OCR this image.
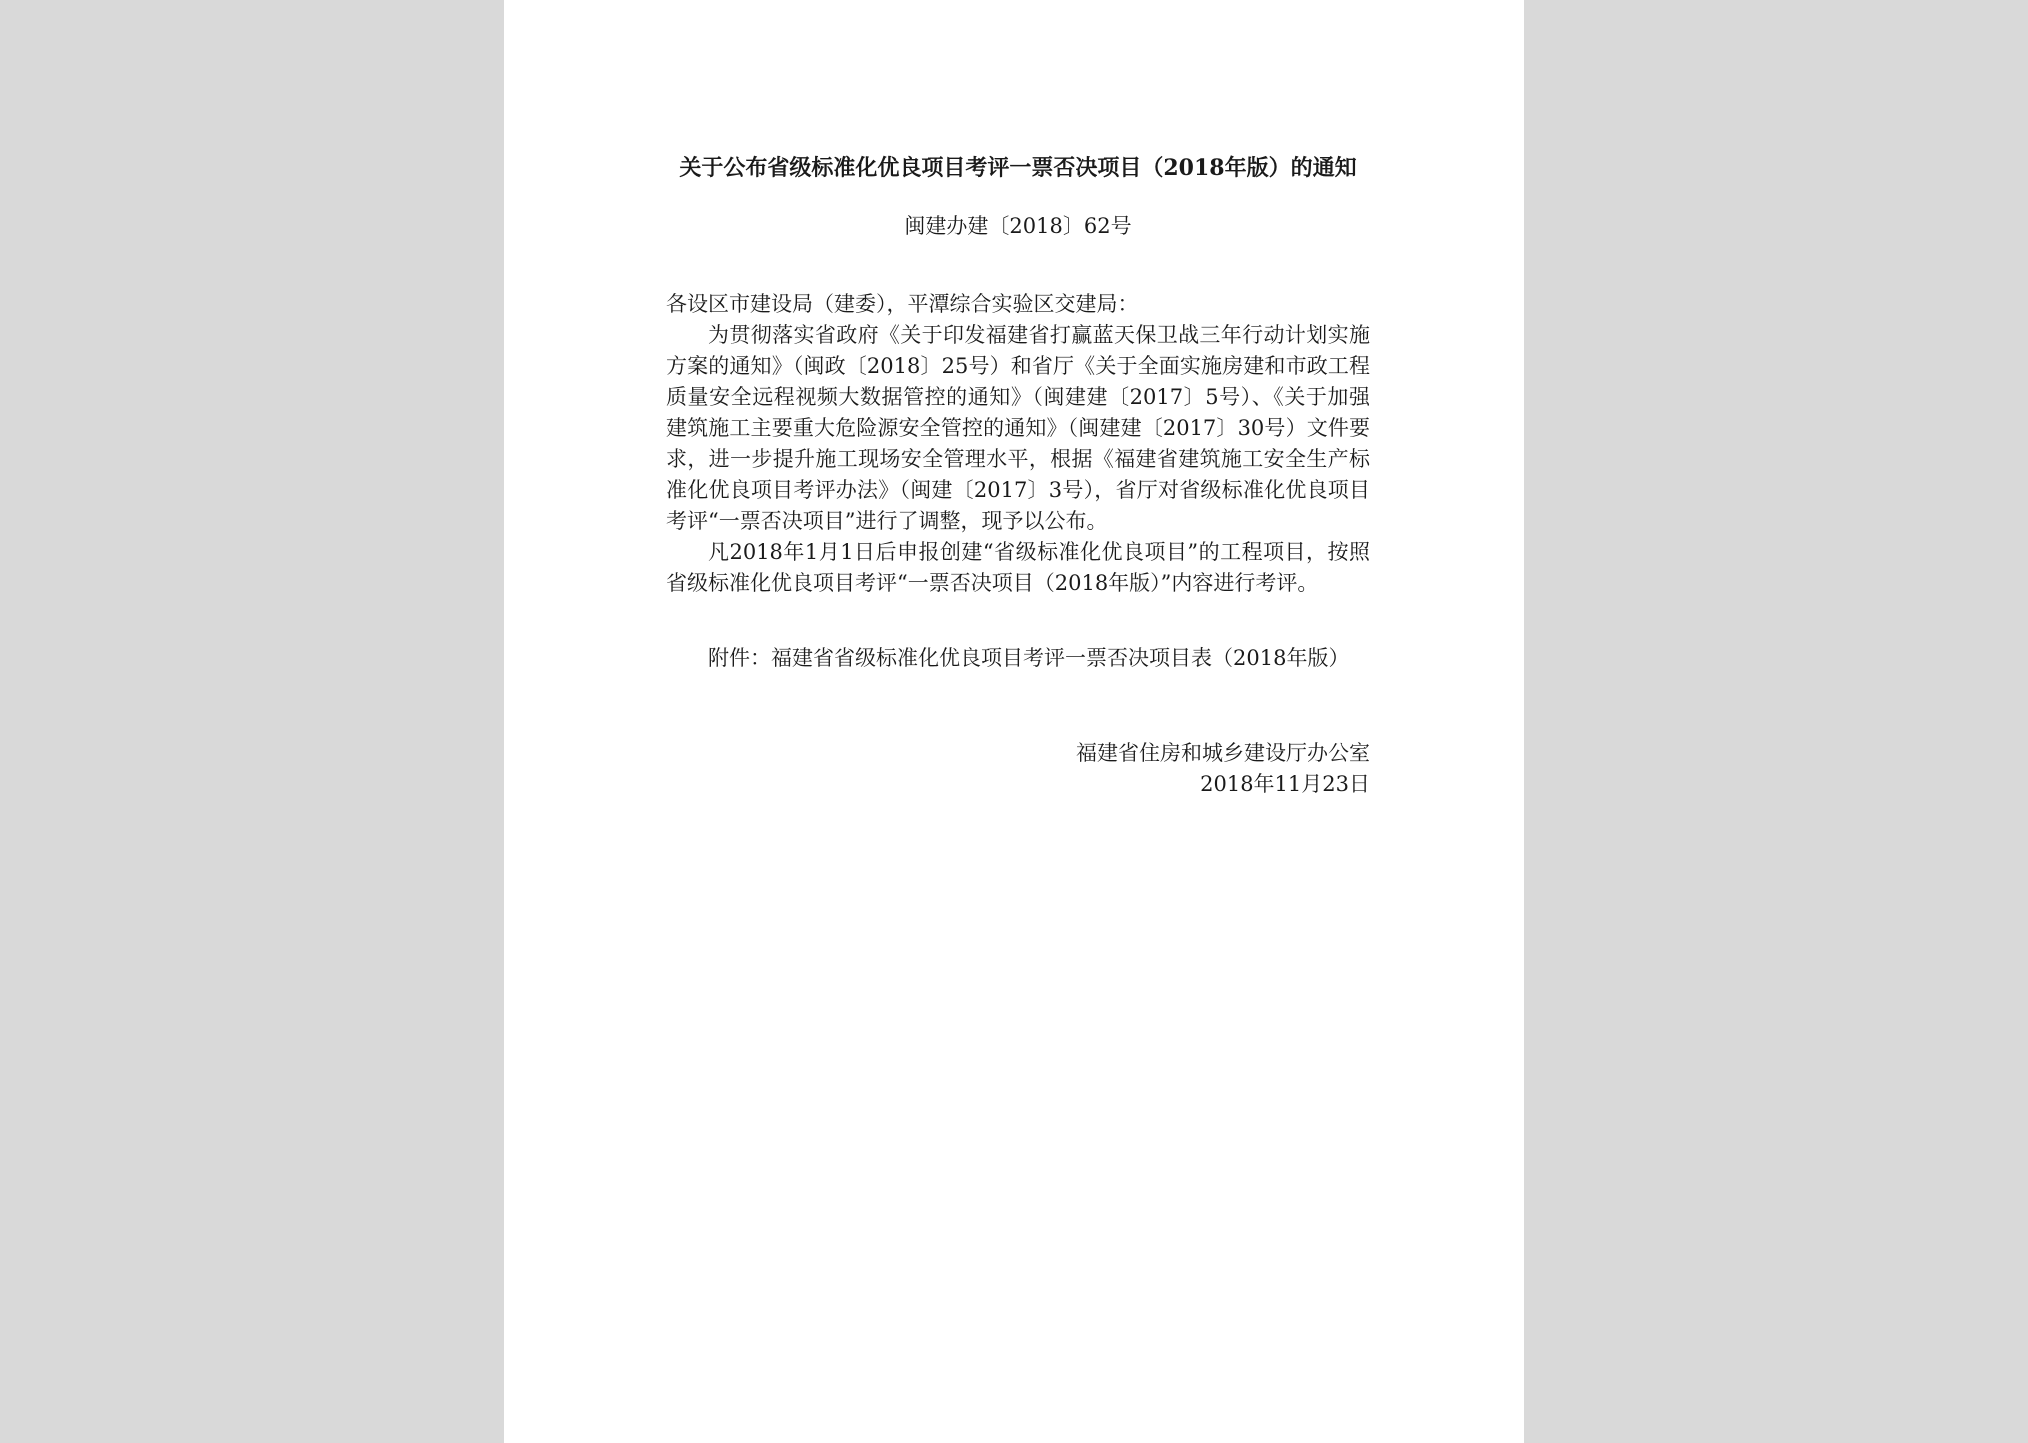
关于公布省级标准化优良项目考评一票否决项目（2018年版）的通知
闽建办建〔2018〕62号

各设区市建设局（建委），平潭综合实验区交建局：

为贯彻落实省政府《关于印发福建省打赢蓝天保卫战三年行动计划实施方案的通知》（闽政〔2018〕25号）和省厅《关于全面实施房建和市政工程质量安全远程视频大数据管控的通知》（闽建建〔2017〕5号）、《关于加强建筑施工主要重大危险源安全管控的通知》（闽建建〔2017〕30号）文件要求，进一步提升施工现场安全管理水平，根据《福建省建筑施工安全生产标准化优良项目考评办法》（闽建〔2017〕3号），省厅对省级标准化优良项目考评“一票否决项目”进行了调整，现予以公布。

凡2018年1月1日后申报创建“省级标准化优良项目”的工程项目，按照省级标准化优良项目考评“一票否决项目（2018年版）”内容进行考评。

附件：福建省省级标准化优良项目考评一票否决项目表（2018年版）

福建省住房和城乡建设厅办公室
2018年11月23日
